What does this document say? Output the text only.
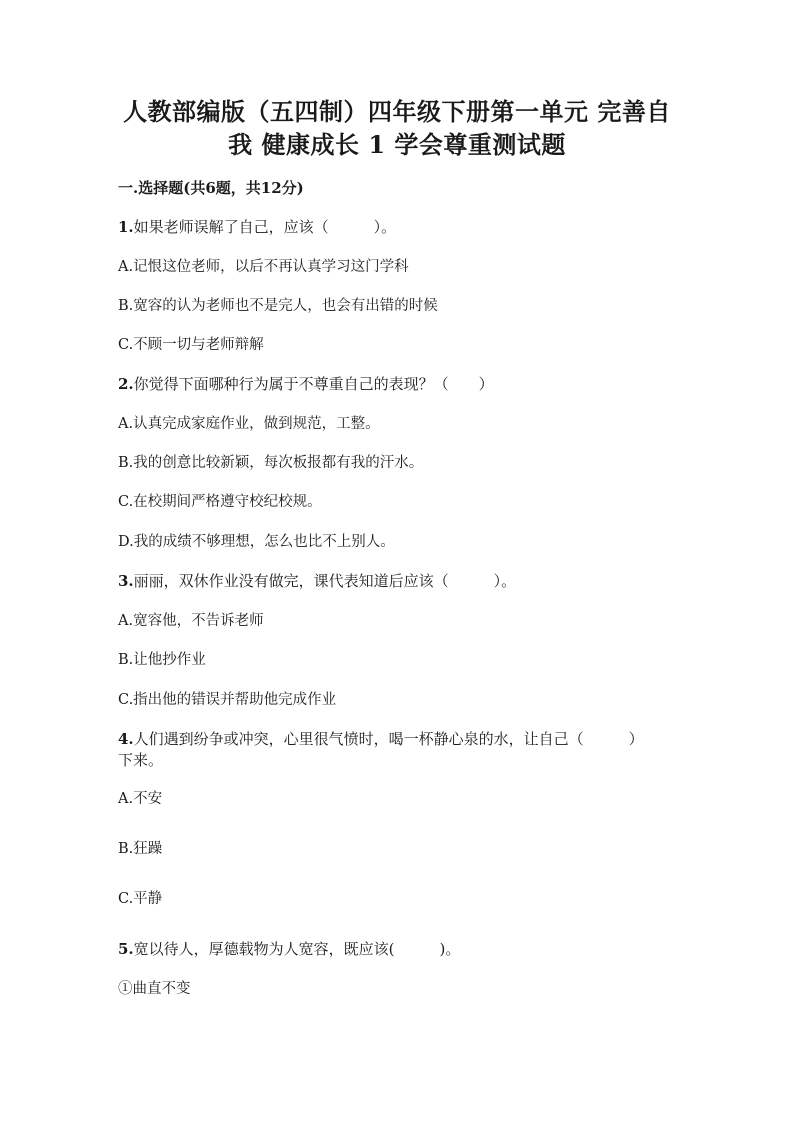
人教部编版（五四制）四年级下册第一单元 完善自
我 健康成长 1 学会尊重测试题
一.选择题(共6题，共12分)
1.如果老师误解了自己，应该（　　　）。
A.记恨这位老师，以后不再认真学习这门学科
B.宽容的认为老师也不是完人，也会有出错的时候
C.不顾一切与老师辩解
2.你觉得下面哪种行为属于不尊重自己的表现？（　　）
A.认真完成家庭作业，做到规范，工整。
B.我的创意比较新颖，每次板报都有我的汗水。
C.在校期间严格遵守校纪校规。
D.我的成绩不够理想，怎么也比不上别人。
3.丽丽，双休作业没有做完，课代表知道后应该（　　　）。
A.宽容他，不告诉老师
B.让他抄作业
C.指出他的错误并帮助他完成作业
4.人们遇到纷争或冲突，心里很气愤时，喝一杯静心泉的水，让自己（　　　）
下来。
A.不安
B.狂躁
C.平静
5.宽以待人，厚德载物为人宽容，既应该(　　　)。
①曲直不变
